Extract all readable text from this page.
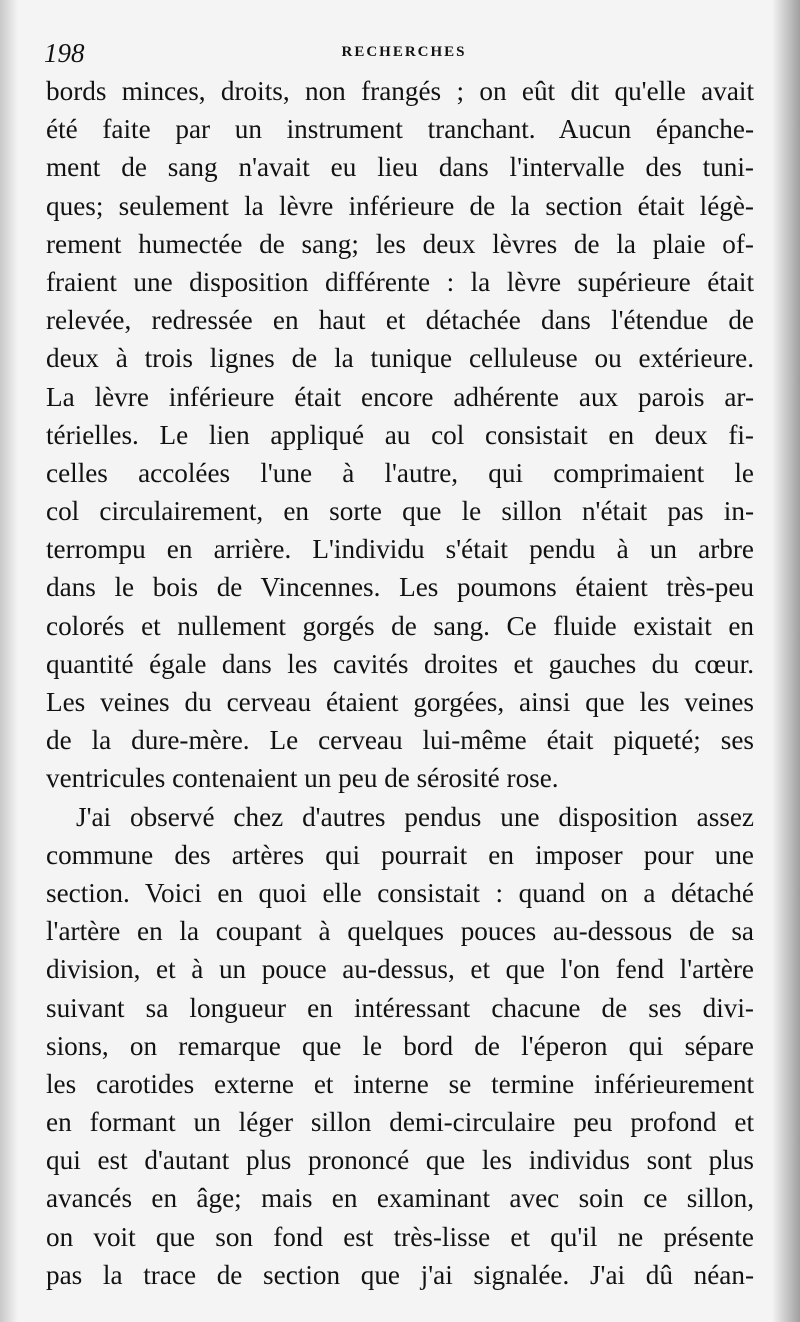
198	RECHERCHES
bords minces, droits, non frangés ; on eût dit qu'elle avait
été faite par un instrument tranchant. Aucun épanche-
ment de sang n'avait eu lieu dans l'intervalle des tuni-
ques; seulement la lèvre inférieure de la section était légè-
rement humectée de sang; les deux lèvres de la plaie of-
fraient une disposition différente : la lèvre supérieure était
relevée, redressée en haut et détachée dans l'étendue de
deux à trois lignes de la tunique celluleuse ou extérieure.
La lèvre inférieure était encore adhérente aux parois ar-
térielles. Le lien appliqué au col consistait en deux fi-
celles accolées l'une à l'autre, qui comprimaient le
col circulairement, en sorte que le sillon n'était pas in-
terrompu en arrière. L'individu s'était pendu à un arbre
dans le bois de Vincennes. Les poumons étaient très-peu
colorés et nullement gorgés de sang. Ce fluide existait en
quantité égale dans les cavités droites et gauches du cœur.
Les veines du cerveau étaient gorgées, ainsi que les veines
de la dure-mère. Le cerveau lui-même était piqueté; ses
ventricules contenaient un peu de sérosité rose.
J'ai observé chez d'autres pendus une disposition assez
commune des artères qui pourrait en imposer pour une
section. Voici en quoi elle consistait : quand on a détaché
l'artère en la coupant à quelques pouces au-dessous de sa
division, et à un pouce au-dessus, et que l'on fend l'artère
suivant sa longueur en intéressant chacune de ses divi-
sions, on remarque que le bord de l'éperon qui sépare
les carotides externe et interne se termine inférieurement
en formant un léger sillon demi-circulaire peu profond et
qui est d'autant plus prononcé que les individus sont plus
avancés en âge; mais en examinant avec soin ce sillon,
on voit que son fond est très-lisse et qu'il ne présente
pas la trace de section que j'ai signalée. J'ai dû néan-
